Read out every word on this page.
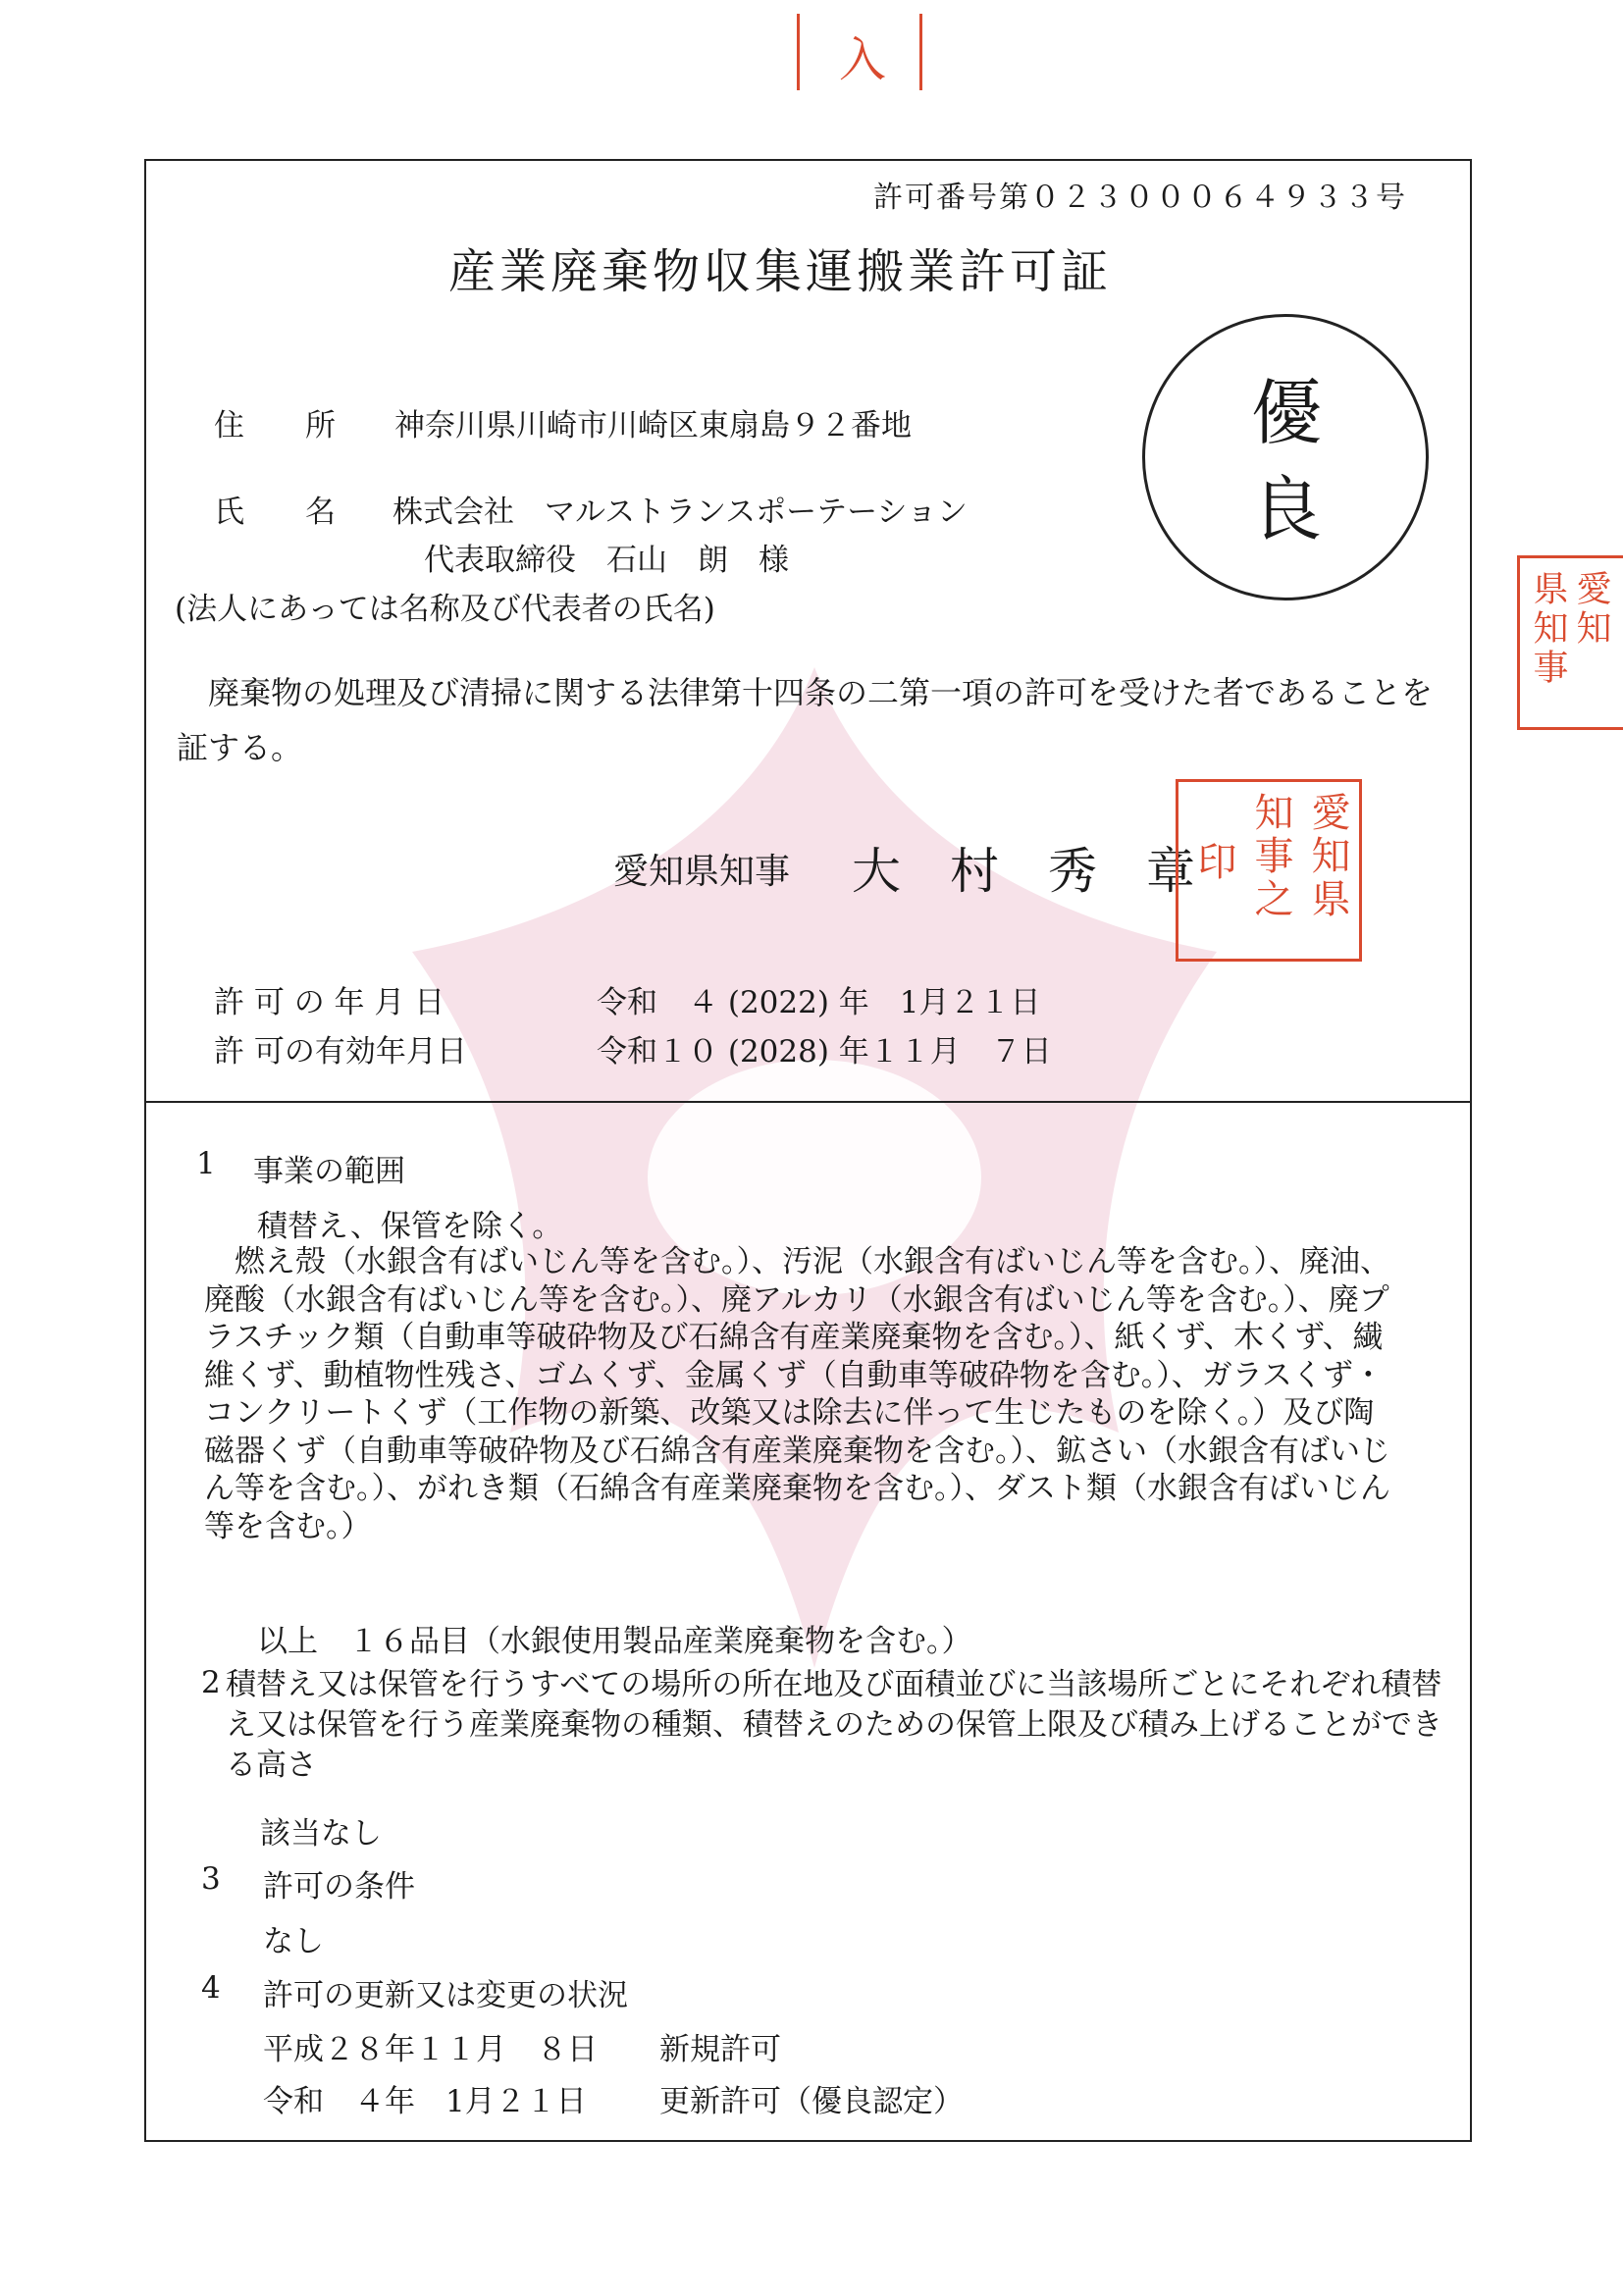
入
許可番号第０２３０００６４９３３号
産業廃棄物収集運搬業許可証
優
良
住　　所 神奈川県川崎市川崎区東扇島９２番地
氏　　名 株式会社　マルストランスポーテーション
代表取締役　石山　朗　様
(法人にあっては名称及び代表者の氏名)
廃棄物の処理及び清掃に関する法律第十四条の二第一項の許可を受けた者であることを証する。
愛知県知事 大　村　秀　章	愛知県
知事之
印
愛知
県知事
許 可 の 年 月 日	令和　４ (2022) 年　1月２１日
許 可の有効年月日	令和１０ (2028) 年１１月　７日
1 事業の範囲
積替え、保管を除く。
燃え殻（水銀含有ばいじん等を含む。）、汚泥（水銀含有ばいじん等を含む。）、廃油、廃酸（水銀含有ばいじん等を含む。）、廃アルカリ（水銀含有ばいじん等を含む。）、廃プラスチック類（自動車等破砕物及び石綿含有産業廃棄物を含む。）、紙くず、木くず、繊維くず、動植物性残さ、ゴムくず、金属くず（自動車等破砕物を含む。）、ガラスくず・コンクリートくず（工作物の新築、改築又は除去に伴って生じたものを除く。）及び陶磁器くず（自動車等破砕物及び石綿含有産業廃棄物を含む。）、鉱さい（水銀含有ばいじん等を含む。）、がれき類（石綿含有産業廃棄物を含む。）、ダスト類（水銀含有ばいじん等を含む。）
以上　１６品目（水銀使用製品産業廃棄物を含む。）
2 積替え又は保管を行うすべての場所の所在地及び面積並びに当該場所ごとにそれぞれ積替え又は保管を行う産業廃棄物の種類、積替えのための保管上限及び積み上げることができる高さ
該当なし
3 許可の条件
なし
4 許可の更新又は変更の状況
平成２８年１１月　８日 新規許可
令和　４年　1月２１日 更新許可（優良認定）
